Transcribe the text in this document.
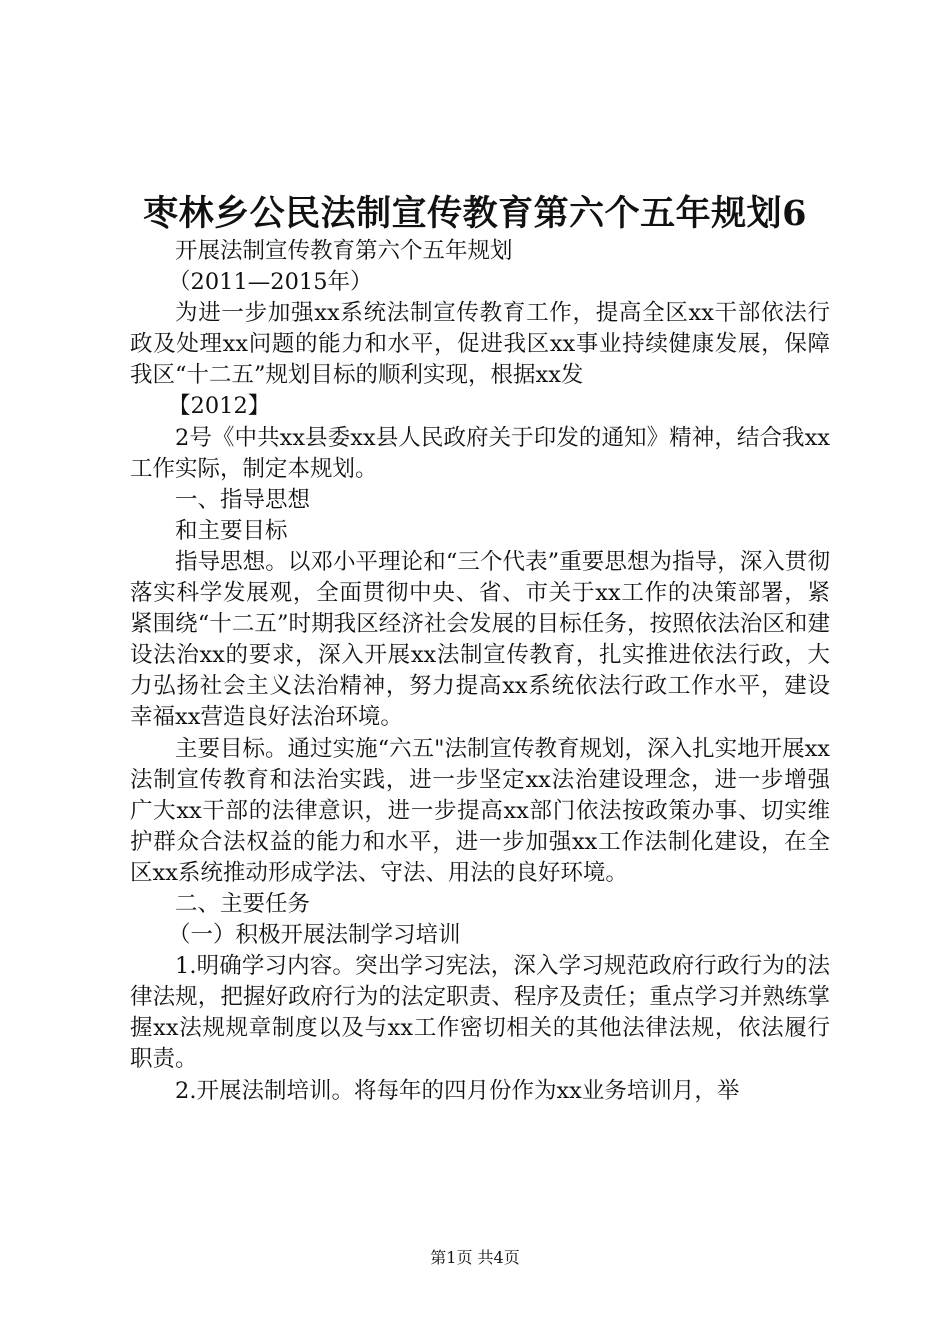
枣林乡公民法制宣传教育第六个五年规划6

开展法制宣传教育第六个五年规划

（2011—2015年）

为进一步加强xx系统法制宣传教育工作，提高全区xx干部依法行政及处理xx问题的能力和水平，促进我区xx事业持续健康发展，保障我区“十二五”规划目标的顺利实现，根据xx发

【2012】

2号《中共xx县委xx县人民政府关于印发的通知》精神，结合我xx工作实际，制定本规划。

一、指导思想

和主要目标

指导思想。以邓小平理论和“三个代表”重要思想为指导，深入贯彻落实科学发展观，全面贯彻中央、省、市关于xx工作的决策部署，紧紧围绕“十二五”时期我区经济社会发展的目标任务，按照依法治区和建设法治xx的要求，深入开展xx法制宣传教育，扎实推进依法行政，大力弘扬社会主义法治精神，努力提高xx系统依法行政工作水平，建设幸福xx营造良好法治环境。

主要目标。通过实施“六五"法制宣传教育规划，深入扎实地开展xx法制宣传教育和法治实践，进一步坚定xx法治建设理念，进一步增强广大xx干部的法律意识，进一步提高xx部门依法按政策办事、切实维护群众合法权益的能力和水平，进一步加强xx工作法制化建设，在全区xx系统推动形成学法、守法、用法的良好环境。

二、主要任务

（一）积极开展法制学习培训

1.明确学习内容。突出学习宪法，深入学习规范政府行政行为的法律法规，把握好政府行为的法定职责、程序及责任；重点学习并熟练掌握xx法规规章制度以及与xx工作密切相关的其他法律法规，依法履行职责。

2.开展法制培训。将每年的四月份作为xx业务培训月，举

第1页 共4页
